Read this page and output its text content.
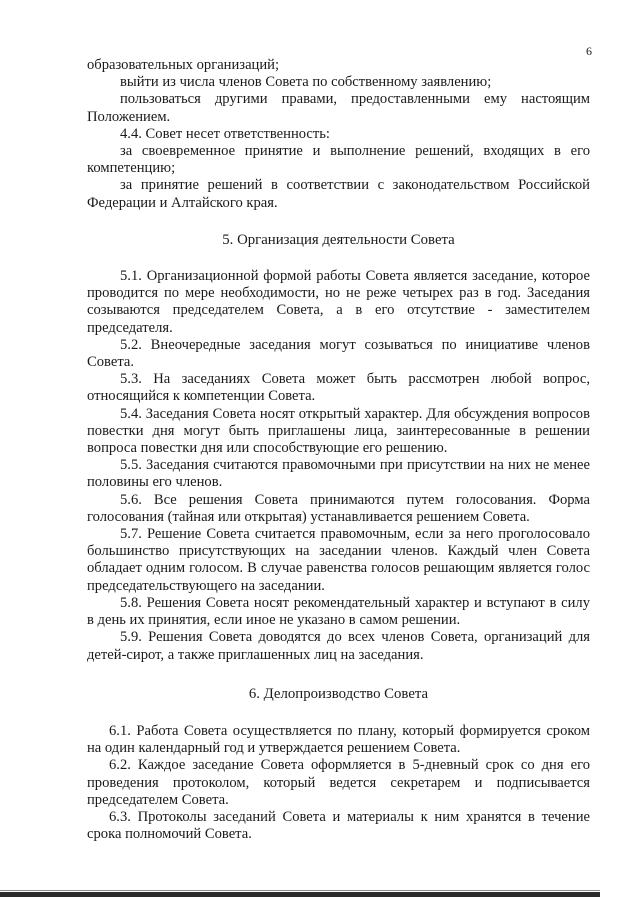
6

образовательных организаций;

выйти из числа членов Совета по собственному заявлению;

пользоваться другими правами, предоставленными ему настоящим Положением.

4.4. Совет несет ответственность:

за своевременное принятие и выполнение решений, входящих в его компетенцию;

за принятие решений в соответствии с законодательством Российской Федерации и Алтайского края.

5. Организация деятельности Совета

5.1. Организационной формой работы Совета является заседание, которое проводится по мере необходимости, но не реже четырех раз в год. Заседания созываются председателем Совета, а в его отсутствие - заместителем председателя.

5.2. Внеочередные заседания могут созываться по инициативе членов Совета.

5.3. На заседаниях Совета может быть рассмотрен любой вопрос, относящийся к компетенции Совета.

5.4. Заседания Совета носят открытый характер. Для обсуждения вопросов повестки дня могут быть приглашены лица, заинтересованные в решении вопроса повестки дня или способствующие его решению.

5.5. Заседания считаются правомочными при присутствии на них не менее половины его членов.

5.6. Все решения Совета принимаются путем голосования. Форма голосования (тайная или открытая) устанавливается решением Совета.

5.7. Решение Совета считается правомочным, если за него проголосовало большинство присутствующих на заседании членов. Каждый член Совета обладает одним голосом. В случае равенства голосов решающим является голос председательствующего на заседании.

5.8. Решения Совета носят рекомендательный характер и вступают в силу в день их принятия, если иное не указано в самом решении.

5.9. Решения Совета доводятся до всех членов Совета, организаций для детей-сирот, а также приглашенных лиц на заседания.

6. Делопроизводство Совета

6.1. Работа Совета осуществляется по плану, который формируется сроком на один календарный год и утверждается решением Совета.

6.2. Каждое заседание Совета оформляется в 5-дневный срок со дня его проведения протоколом, который ведется секретарем и подписывается председателем Совета.

6.3. Протоколы заседаний Совета и материалы к ним хранятся в течение срока полномочий Совета.
